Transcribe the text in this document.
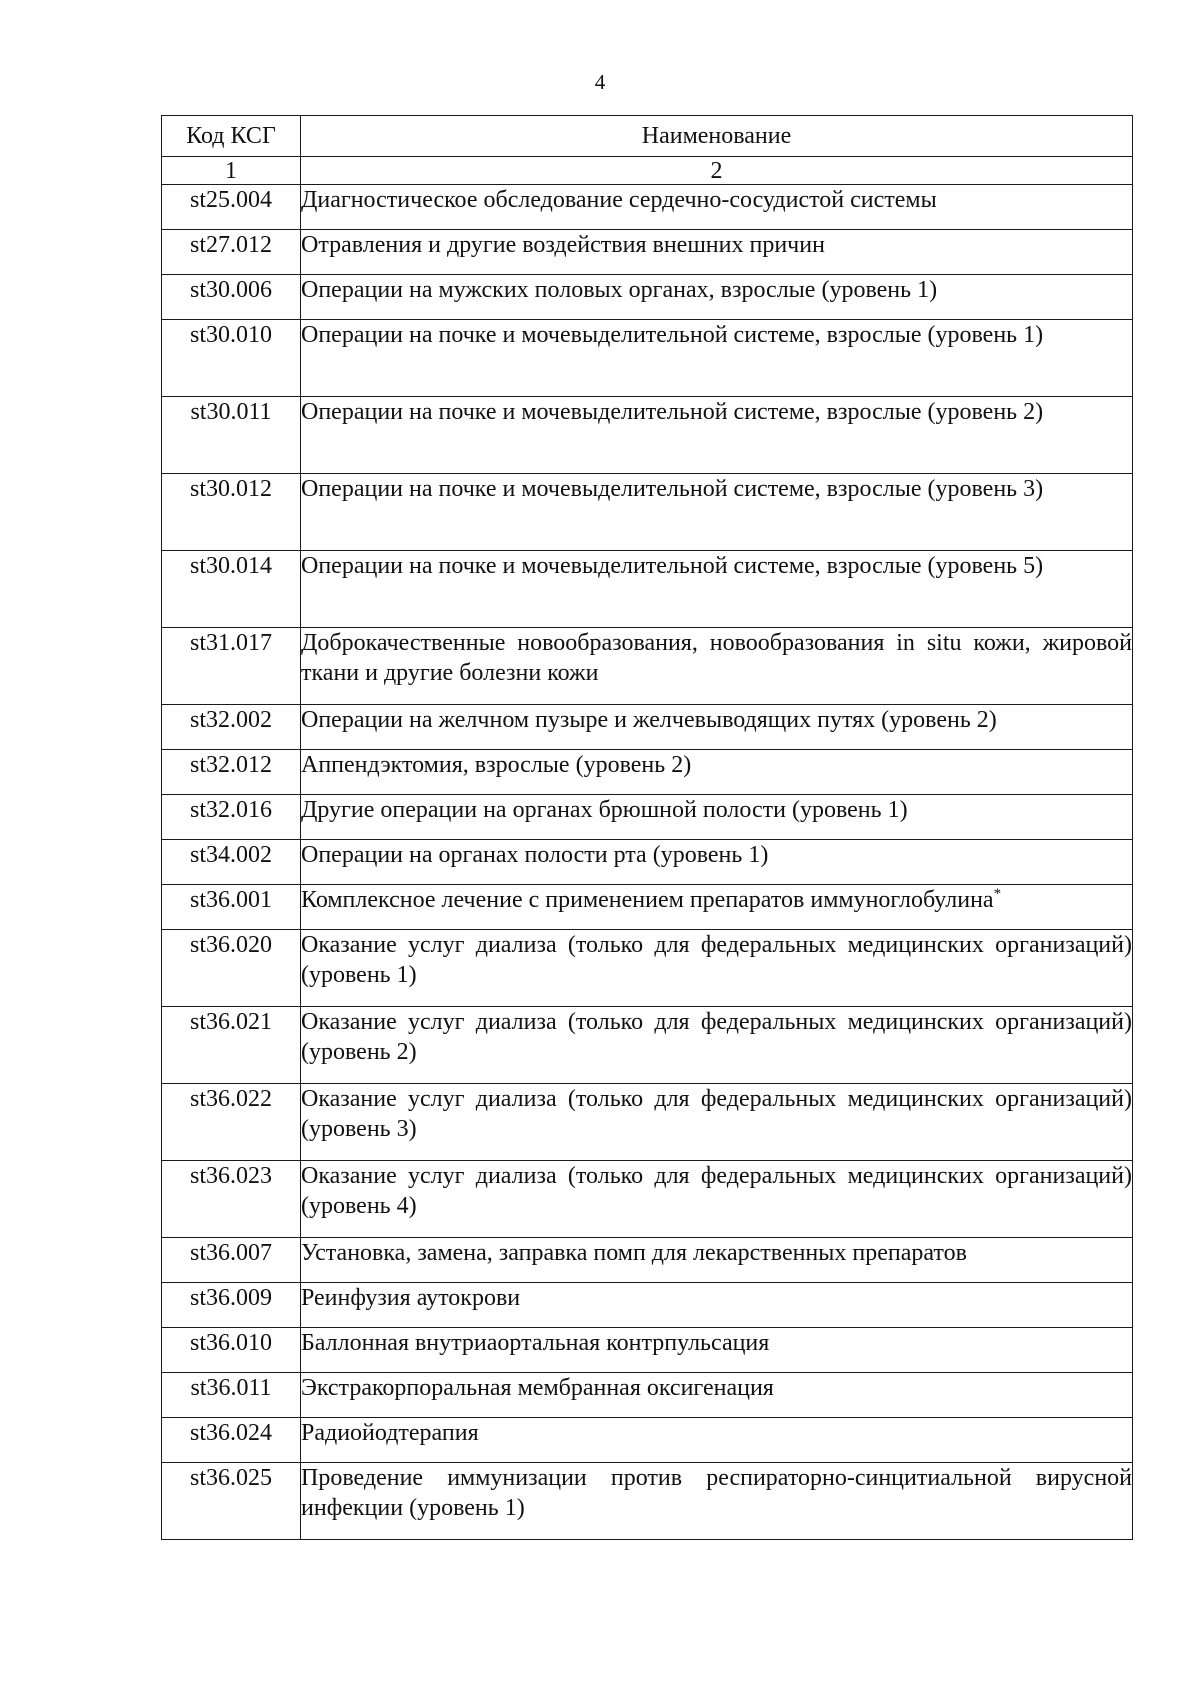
4
Код КСГ	Наименование
1	2
st25.004	Диагностическое обследование сердечно-сосудистой системы
st27.012	Отравления и другие воздействия внешних причин
st30.006	Операции на мужских половых органах, взрослые (уровень 1)
st30.010	Операции на почке и мочевыделительной системе, взрослые (уровень 1)
st30.011	Операции на почке и мочевыделительной системе, взрослые (уровень 2)
st30.012	Операции на почке и мочевыделительной системе, взрослые (уровень 3)
st30.014	Операции на почке и мочевыделительной системе, взрослые (уровень 5)
st31.017	Доброкачественные новообразования, новообразования in situ кожи, жировой ткани и другие болезни кожи
st32.002	Операции на желчном пузыре и желчевыводящих путях (уровень 2)
st32.012	Аппендэктомия, взрослые (уровень 2)
st32.016	Другие операции на органах брюшной полости (уровень 1)
st34.002	Операции на органах полости рта (уровень 1)
st36.001	Комплексное лечение с применением препаратов иммуноглобулина*
st36.020	Оказание услуг диализа (только для федеральных медицинских организаций) (уровень 1)
st36.021	Оказание услуг диализа (только для федеральных медицинских организаций) (уровень 2)
st36.022	Оказание услуг диализа (только для федеральных медицинских организаций) (уровень 3)
st36.023	Оказание услуг диализа (только для федеральных медицинских организаций) (уровень 4)
st36.007	Установка, замена, заправка помп для лекарственных препаратов
st36.009	Реинфузия аутокрови
st36.010	Баллонная внутриаортальная контрпульсация
st36.011	Экстракорпоральная мембранная оксигенация
st36.024	Радиойодтерапия
st36.025	Проведение иммунизации против респираторно-синцитиальной вирусной инфекции (уровень 1)
